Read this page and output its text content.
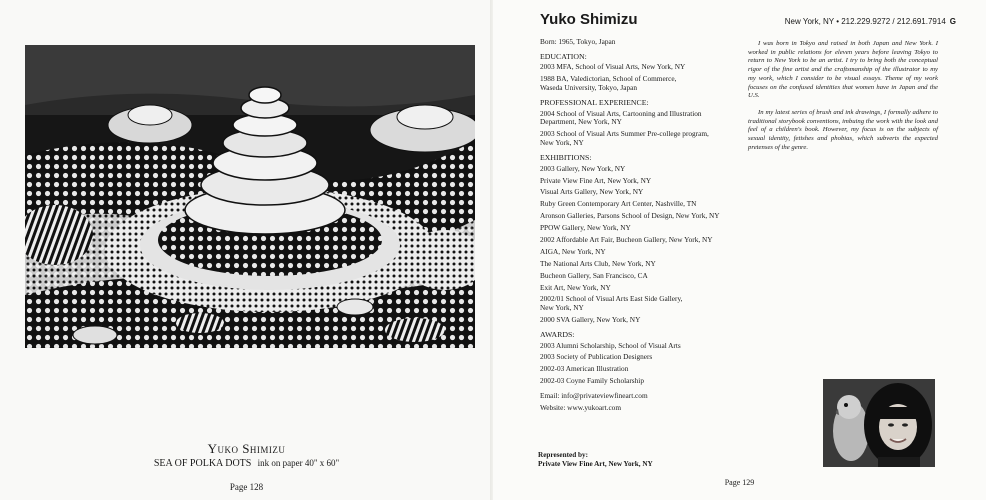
Yuko Shimizu
SEA OF POLKA DOTS ink on paper 40" x 60"
Page 128
Yuko Shimizu	New York, NY • 212.229.9272 / 212.691.7914 G
Born: 1965, Tokyo, Japan
EDUCATION:
2003 MFA, School of Visual Arts, New York, NY
1988 BA, Valedictorian, School of Commerce,
Waseda University, Tokyo, Japan
PROFESSIONAL EXPERIENCE:
2004 School of Visual Arts, Cartooning and Illustration
Department, New York, NY
2003 School of Visual Arts Summer Pre-college program,
New York, NY
EXHIBITIONS:
2003 Gallery, New York, NY
Private View Fine Art, New York, NY
Visual Arts Gallery, New York, NY
Ruby Green Contemporary Art Center, Nashville, TN
Aronson Galleries, Parsons School of Design, New York, NY
PPOW Gallery, New York, NY
2002 Affordable Art Fair, Bucheon Gallery, New York, NY
AIGA, New York, NY
The National Arts Club, New York, NY
Bucheon Gallery, San Francisco, CA
Exit Art, New York, NY
2002/01 School of Visual Arts East Side Gallery,
New York, NY
2000 SVA Gallery, New York, NY
AWARDS:
2003 Alumni Scholarship, School of Visual Arts
2003 Society of Publication Designers
2002-03 American Illustration
2002-03 Coyne Family Scholarship
Email: info@privateviewfineart.com
Website: www.yukoart.com

I was born in Tokyo and raised in both Japan and New York. I worked in public relations for eleven years before leaving Tokyo to return to New York to be an artist. I try to bring both the conceptual rigor of the fine artist and the craftsmanship of the illustrator to my my work, which I consider to be visual essays. Theme of my work focuses on the confused identities that women have in Japan and the U.S.

In my latest series of brush and ink drawings, I formally adhere to traditional storybook conventions, imbuing the work with the look and feel of a children's book. However, my focus is on the subjects of sexual identity, fetishes and phobias, which subverts the expected pretenses of the genre.

Represented by:
Private View Fine Art, New York, NY
Page 129
